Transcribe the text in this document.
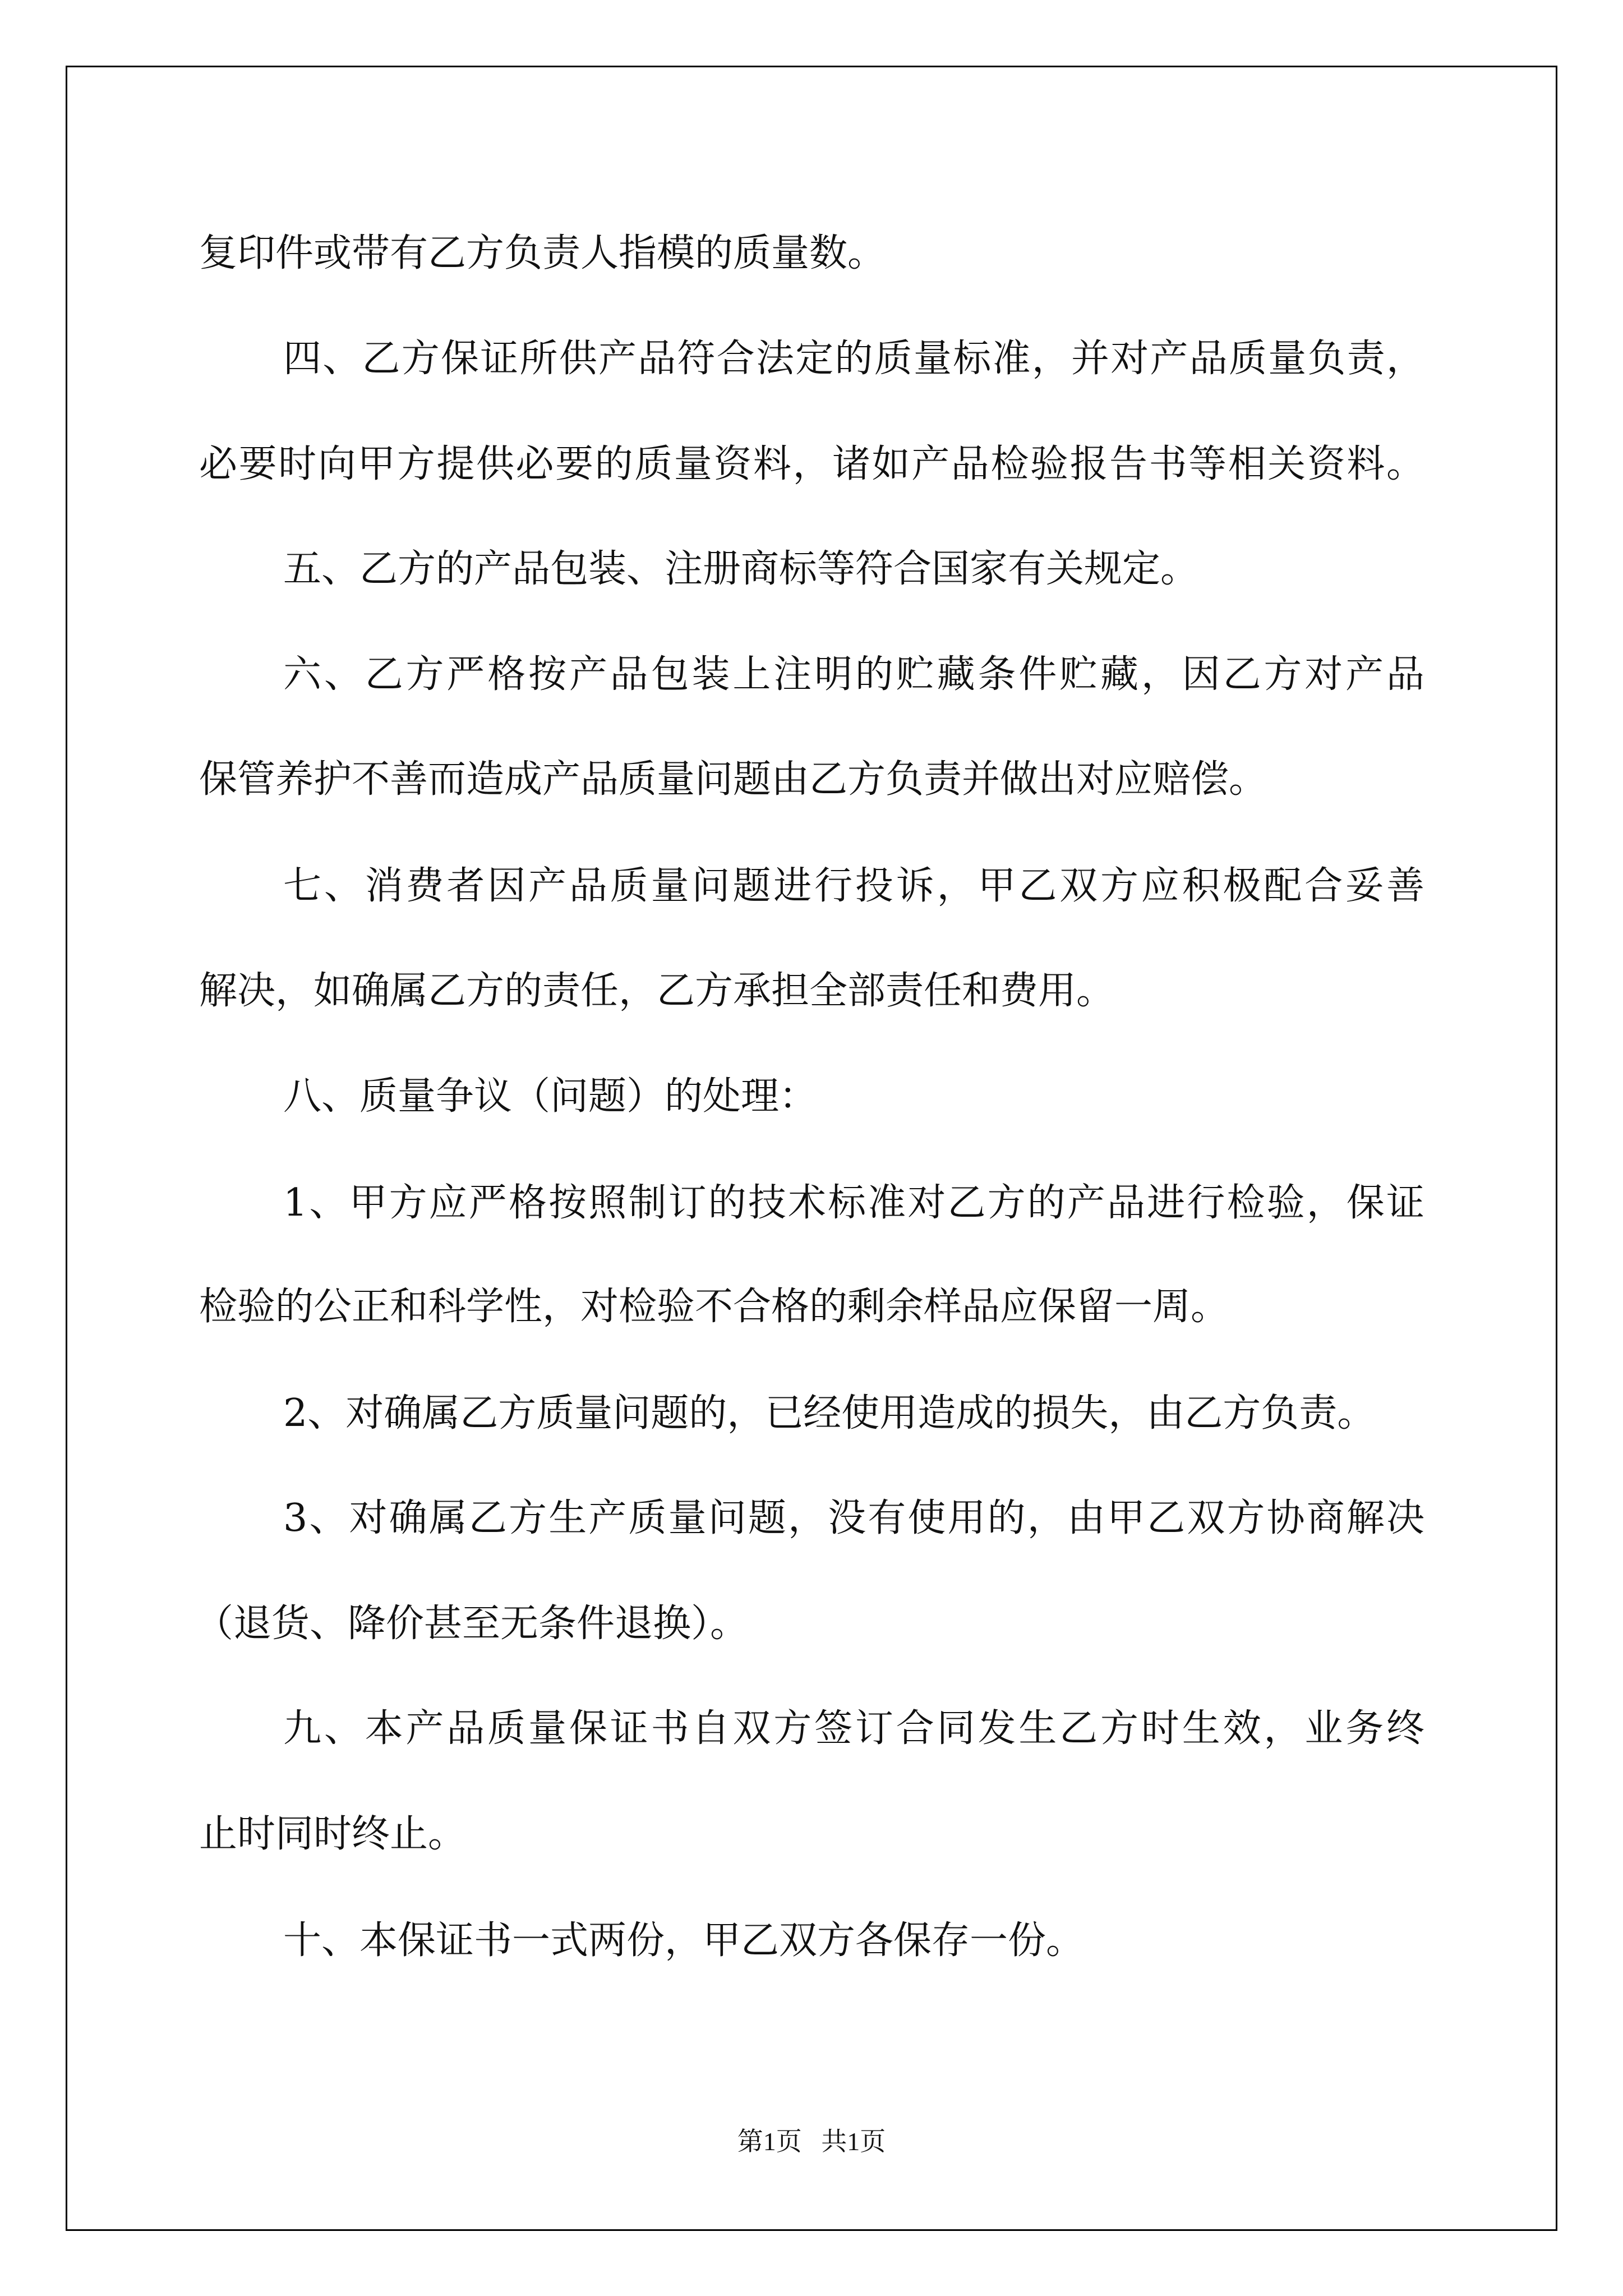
复印件或带有乙方负责人指模的质量数。

四、乙方保证所供产品符合法定的质量标准，并对产品质量负责，

必要时向甲方提供必要的质量资料，诸如产品检验报告书等相关资料。

五、乙方的产品包装、注册商标等符合国家有关规定。

六、乙方严格按产品包装上注明的贮藏条件贮藏，因乙方对产品

保管养护不善而造成产品质量问题由乙方负责并做出对应赔偿。

七、消费者因产品质量问题进行投诉，甲乙双方应积极配合妥善

解决，如确属乙方的责任，乙方承担全部责任和费用。

八、质量争议（问题）的处理：

1、甲方应严格按照制订的技术标准对乙方的产品进行检验，保证

检验的公正和科学性，对检验不合格的剩余样品应保留一周。

2、对确属乙方质量问题的，已经使用造成的损失，由乙方负责。

3、对确属乙方生产质量问题，没有使用的，由甲乙双方协商解决

（退货、降价甚至无条件退换）。

九、本产品质量保证书自双方签订合同发生乙方时生效，业务终

止时同时终止。

十、本保证书一式两份，甲乙双方各保存一份。

第1页   共1页
